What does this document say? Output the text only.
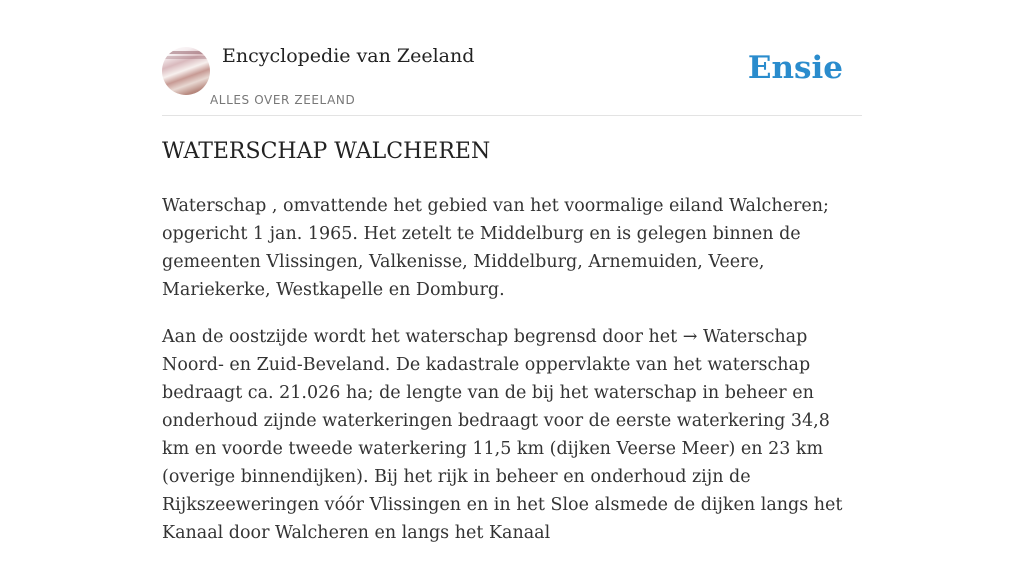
Encyclopedie van Zeeland
ALLES OVER ZEELAND
Ensie
WATERSCHAP WALCHEREN

Waterschap , omvattende het gebied van het voormalige eiland Walcheren; opgericht 1 jan. 1965. Het zetelt te Middelburg en is gelegen binnen de gemeenten Vlissingen, Valkenisse, Middelburg, Arnemuiden, Veere, Mariekerke, Westkapelle en Domburg.

Aan de oostzijde wordt het waterschap begrensd door het → Waterschap Noord- en Zuid-Beveland. De kadastrale oppervlakte van het waterschap bedraagt ca. 21.026 ha; de lengte van de bij het waterschap in beheer en onderhoud zijnde waterkeringen bedraagt voor de eerste waterkering 34,8 km en voorde tweede waterkering 11,5 km (dijken Veerse Meer) en 23 km (overige binnendijken). Bij het rijk in beheer en onderhoud zijn de Rijkszeeweringen vóór Vlissingen en in het Sloe alsmede de dijken langs het Kanaal door Walcheren en langs het Kanaal
